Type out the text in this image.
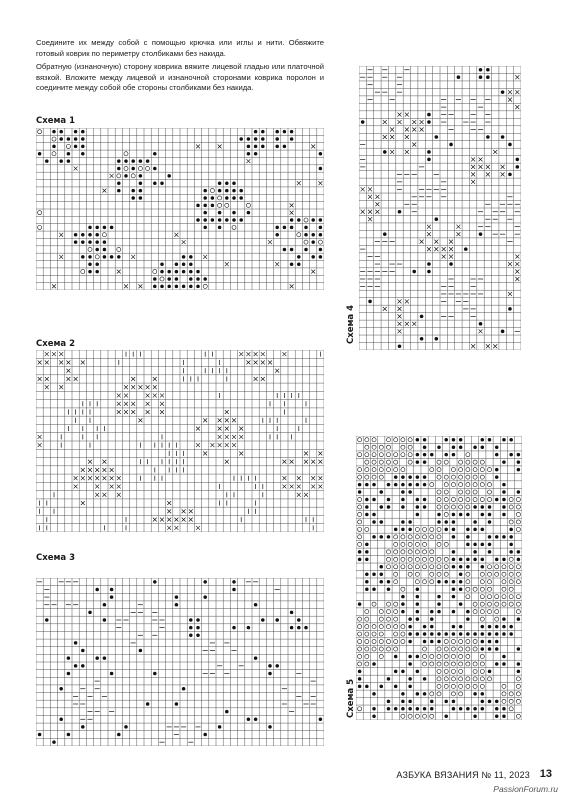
Соедините их между собой с помощью крючка или иглы и нити. Обвяжите готовый коврик по периметру столбиками без накида.

Обратную (изнаночную) сторону коврика вяжите лицевой гладью или платочной вязкой. Вложите между лицевой и изнаночной сторонами коврика поролон и соедините между собой обе стороны столбиками без накида.

Схема 1
Схема 2
Схема 3
Схема 4
Схема 5
АЗБУКА ВЯЗАНИЯ № 11, 2023 13
PassionForum.ru
